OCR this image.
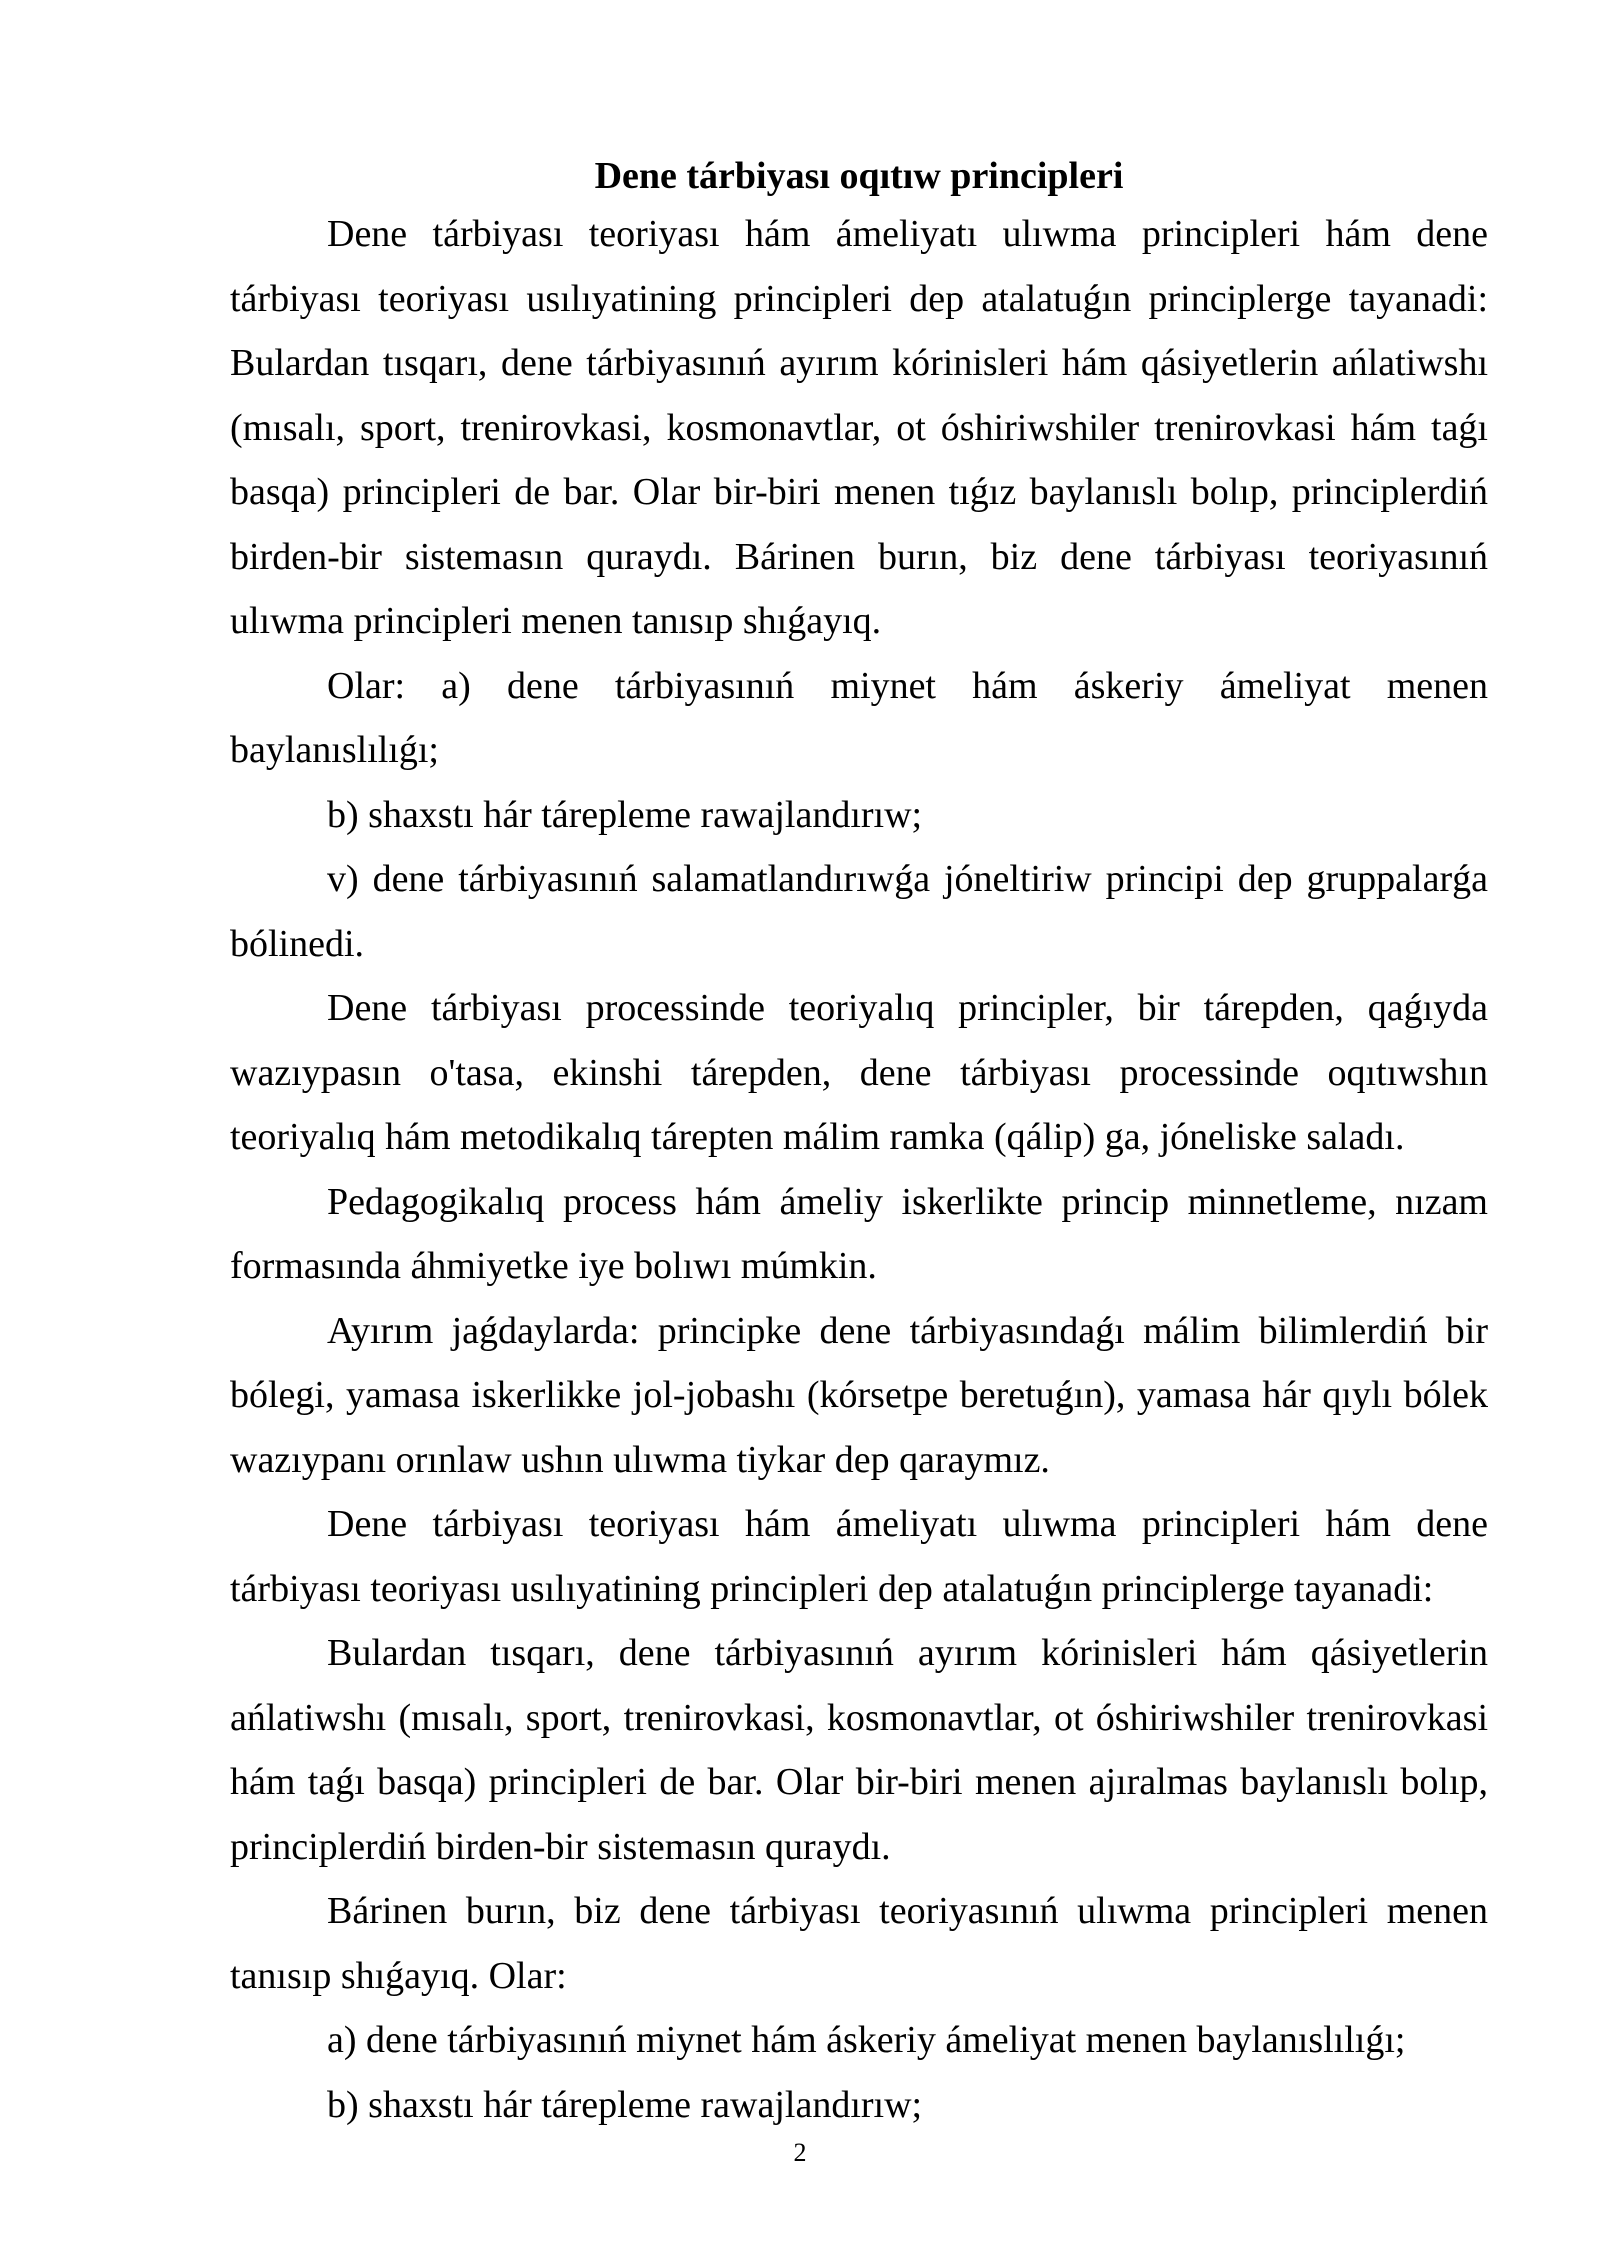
Dene tárbiyası oqıtıw principleri

Dene tárbiyası teoriyası hám ámeliyatı ulıwma principleri hám dene tárbiyası teoriyası usılıyatining principleri dep atalatuǵın principlerge tayanadi: Bulardan tısqarı, dene tárbiyasınıń ayırım kórinisleri hám qásiyetlerin ańlatiwshı (mısalı, sport, trenirovkasi, kosmonavtlar, ot óshiriwshiler trenirovkasi hám taǵı basqa) principleri de bar. Olar bir-biri menen tıǵız baylanıslı bolıp, principlerdiń birden-bir sistemasın quraydı. Bárinen burın, biz dene tárbiyası teoriyasınıń ulıwma principleri menen tanısıp shıǵayıq.

Olar: a) dene tárbiyasınıń miynet hám áskeriy ámeliyat menen baylanıslılıǵı;

b) shaxstı hár tárepleme rawajlandırıw;

v) dene tárbiyasınıń salamatlandırıwǵa jóneltiriw principi dep gruppalarǵa bólinedi.

Dene tárbiyası processinde teoriyalıq principler, bir tárepden, qaǵıyda wazıypasın o'tasa, ekinshi tárepden, dene tárbiyası processinde oqıtıwshın teoriyalıq hám metodikalıq tárepten málim ramka (qálip) ga, jóneliske saladı.

Pedagogikalıq process hám ámeliy iskerlikte princip minnetleme, nızam formasında áhmiyetke iye bolıwı múmkin.

Ayırım jaǵdaylarda: principke dene tárbiyasındaǵı málim bilimlerdiń bir bólegi, yamasa iskerlikke jol-jobashı (kórsetpe beretuǵın), yamasa hár qıylı bólek wazıypanı orınlaw ushın ulıwma tiykar dep qaraymız.

Dene tárbiyası teoriyası hám ámeliyatı ulıwma principleri hám dene tárbiyası teoriyası usılıyatining principleri dep atalatuǵın principlerge tayanadi:

Bulardan tısqarı, dene tárbiyasınıń ayırım kórinisleri hám qásiyetlerin ańlatiwshı (mısalı, sport, trenirovkasi, kosmonavtlar, ot óshiriwshiler trenirovkasi hám taǵı basqa) principleri de bar. Olar bir-biri menen ajıralmas baylanıslı bolıp, principlerdiń birden-bir sistemasın quraydı.

Bárinen burın, biz dene tárbiyası teoriyasınıń ulıwma principleri menen tanısıp shıǵayıq. Olar:

a) dene tárbiyasınıń miynet hám áskeriy ámeliyat menen baylanıslılıǵı;

b) shaxstı hár tárepleme rawajlandırıw;

2
